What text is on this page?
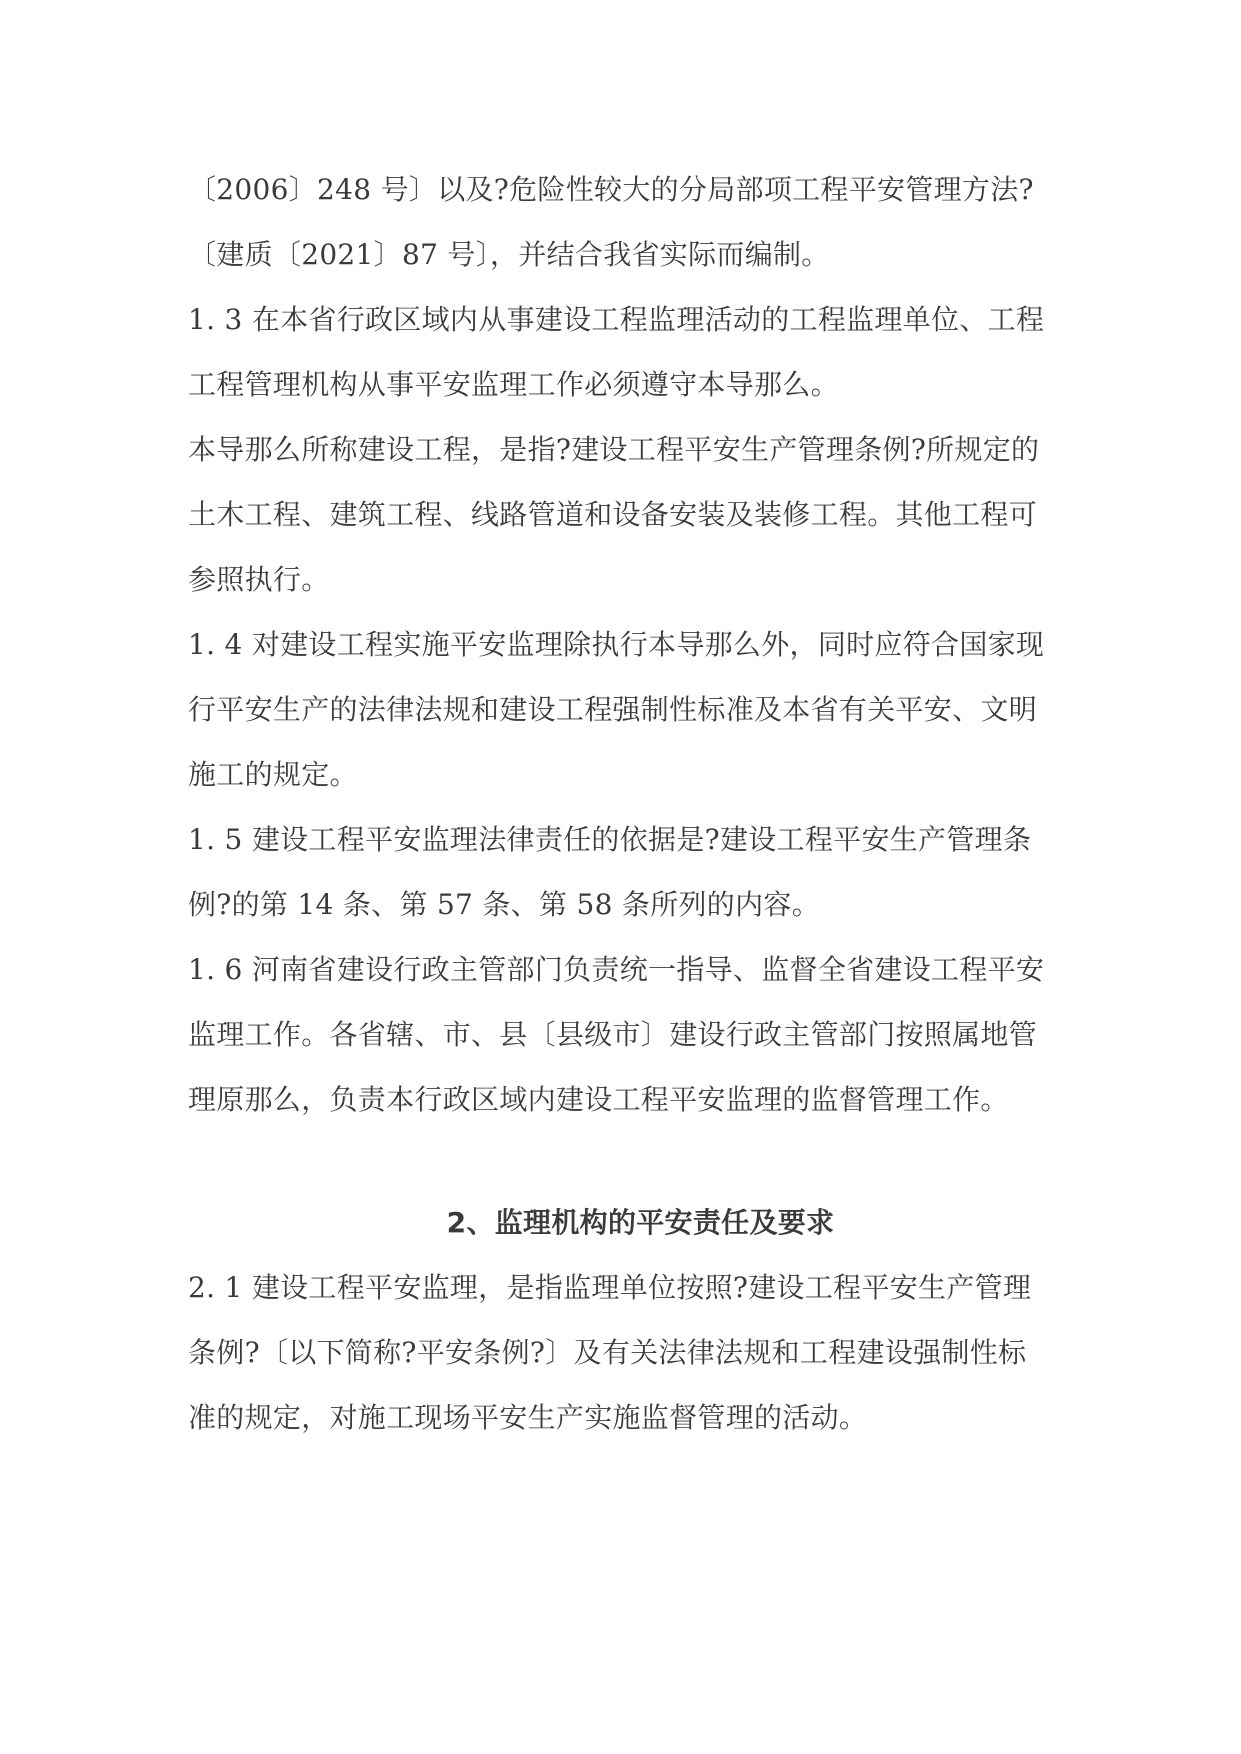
〔2006〕248 号〕以及?危险性较大的分局部项工程平安管理方法?
〔建质〔2021〕87 号〕，并结合我省实际而编制。
1. 3 在本省行政区域内从事建设工程监理活动的工程监理单位、工程
工程管理机构从事平安监理工作必须遵守本导那么。
本导那么所称建设工程，是指?建设工程平安生产管理条例?所规定的
土木工程、建筑工程、线路管道和设备安装及装修工程。其他工程可
参照执行。
1. 4 对建设工程实施平安监理除执行本导那么外，同时应符合国家现
行平安生产的法律法规和建设工程强制性标准及本省有关平安、文明
施工的规定。
1. 5 建设工程平安监理法律责任的依据是?建设工程平安生产管理条
例?的第 14 条、第 57 条、第 58 条所列的内容。
1. 6 河南省建设行政主管部门负责统一指导、监督全省建设工程平安
监理工作。各省辖、市、县〔县级市〕建设行政主管部门按照属地管
理原那么，负责本行政区域内建设工程平安监理的监督管理工作。
2、监理机构的平安责任及要求
2. 1 建设工程平安监理，是指监理单位按照?建设工程平安生产管理
条例?〔以下简称?平安条例?〕及有关法律法规和工程建设强制性标
准的规定，对施工现场平安生产实施监督管理的活动。
